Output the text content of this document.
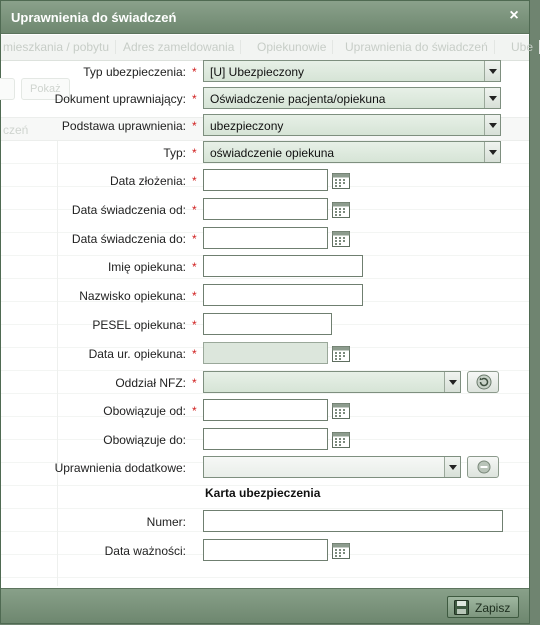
mieszkania / pobytu	Adres zameldowania	Opiekunowie	Uprawnienia do świadczeń	Ube
Pokaż
czeń
Uprawnienia do świadczeń	×
Typ ubezpieczenia: * [U] Ubezpieczony
Dokument uprawniający: * Oświadczenie pacjenta/opiekuna
Podstawa uprawnienia: * ubezpieczony
Typ: * oświadczenie opiekuna
Data złożenia: *
Data świadczenia od: *
Data świadczenia do: *
Imię opiekuna: *
Nazwisko opiekuna: *
PESEL opiekuna: *
Data ur. opiekuna: *
Oddział NFZ: *
Obowiązuje od: *
Obowiązuje do:
Uprawnienia dodatkowe:
Karta ubezpieczenia
Numer:
Data ważności:
Zapisz
